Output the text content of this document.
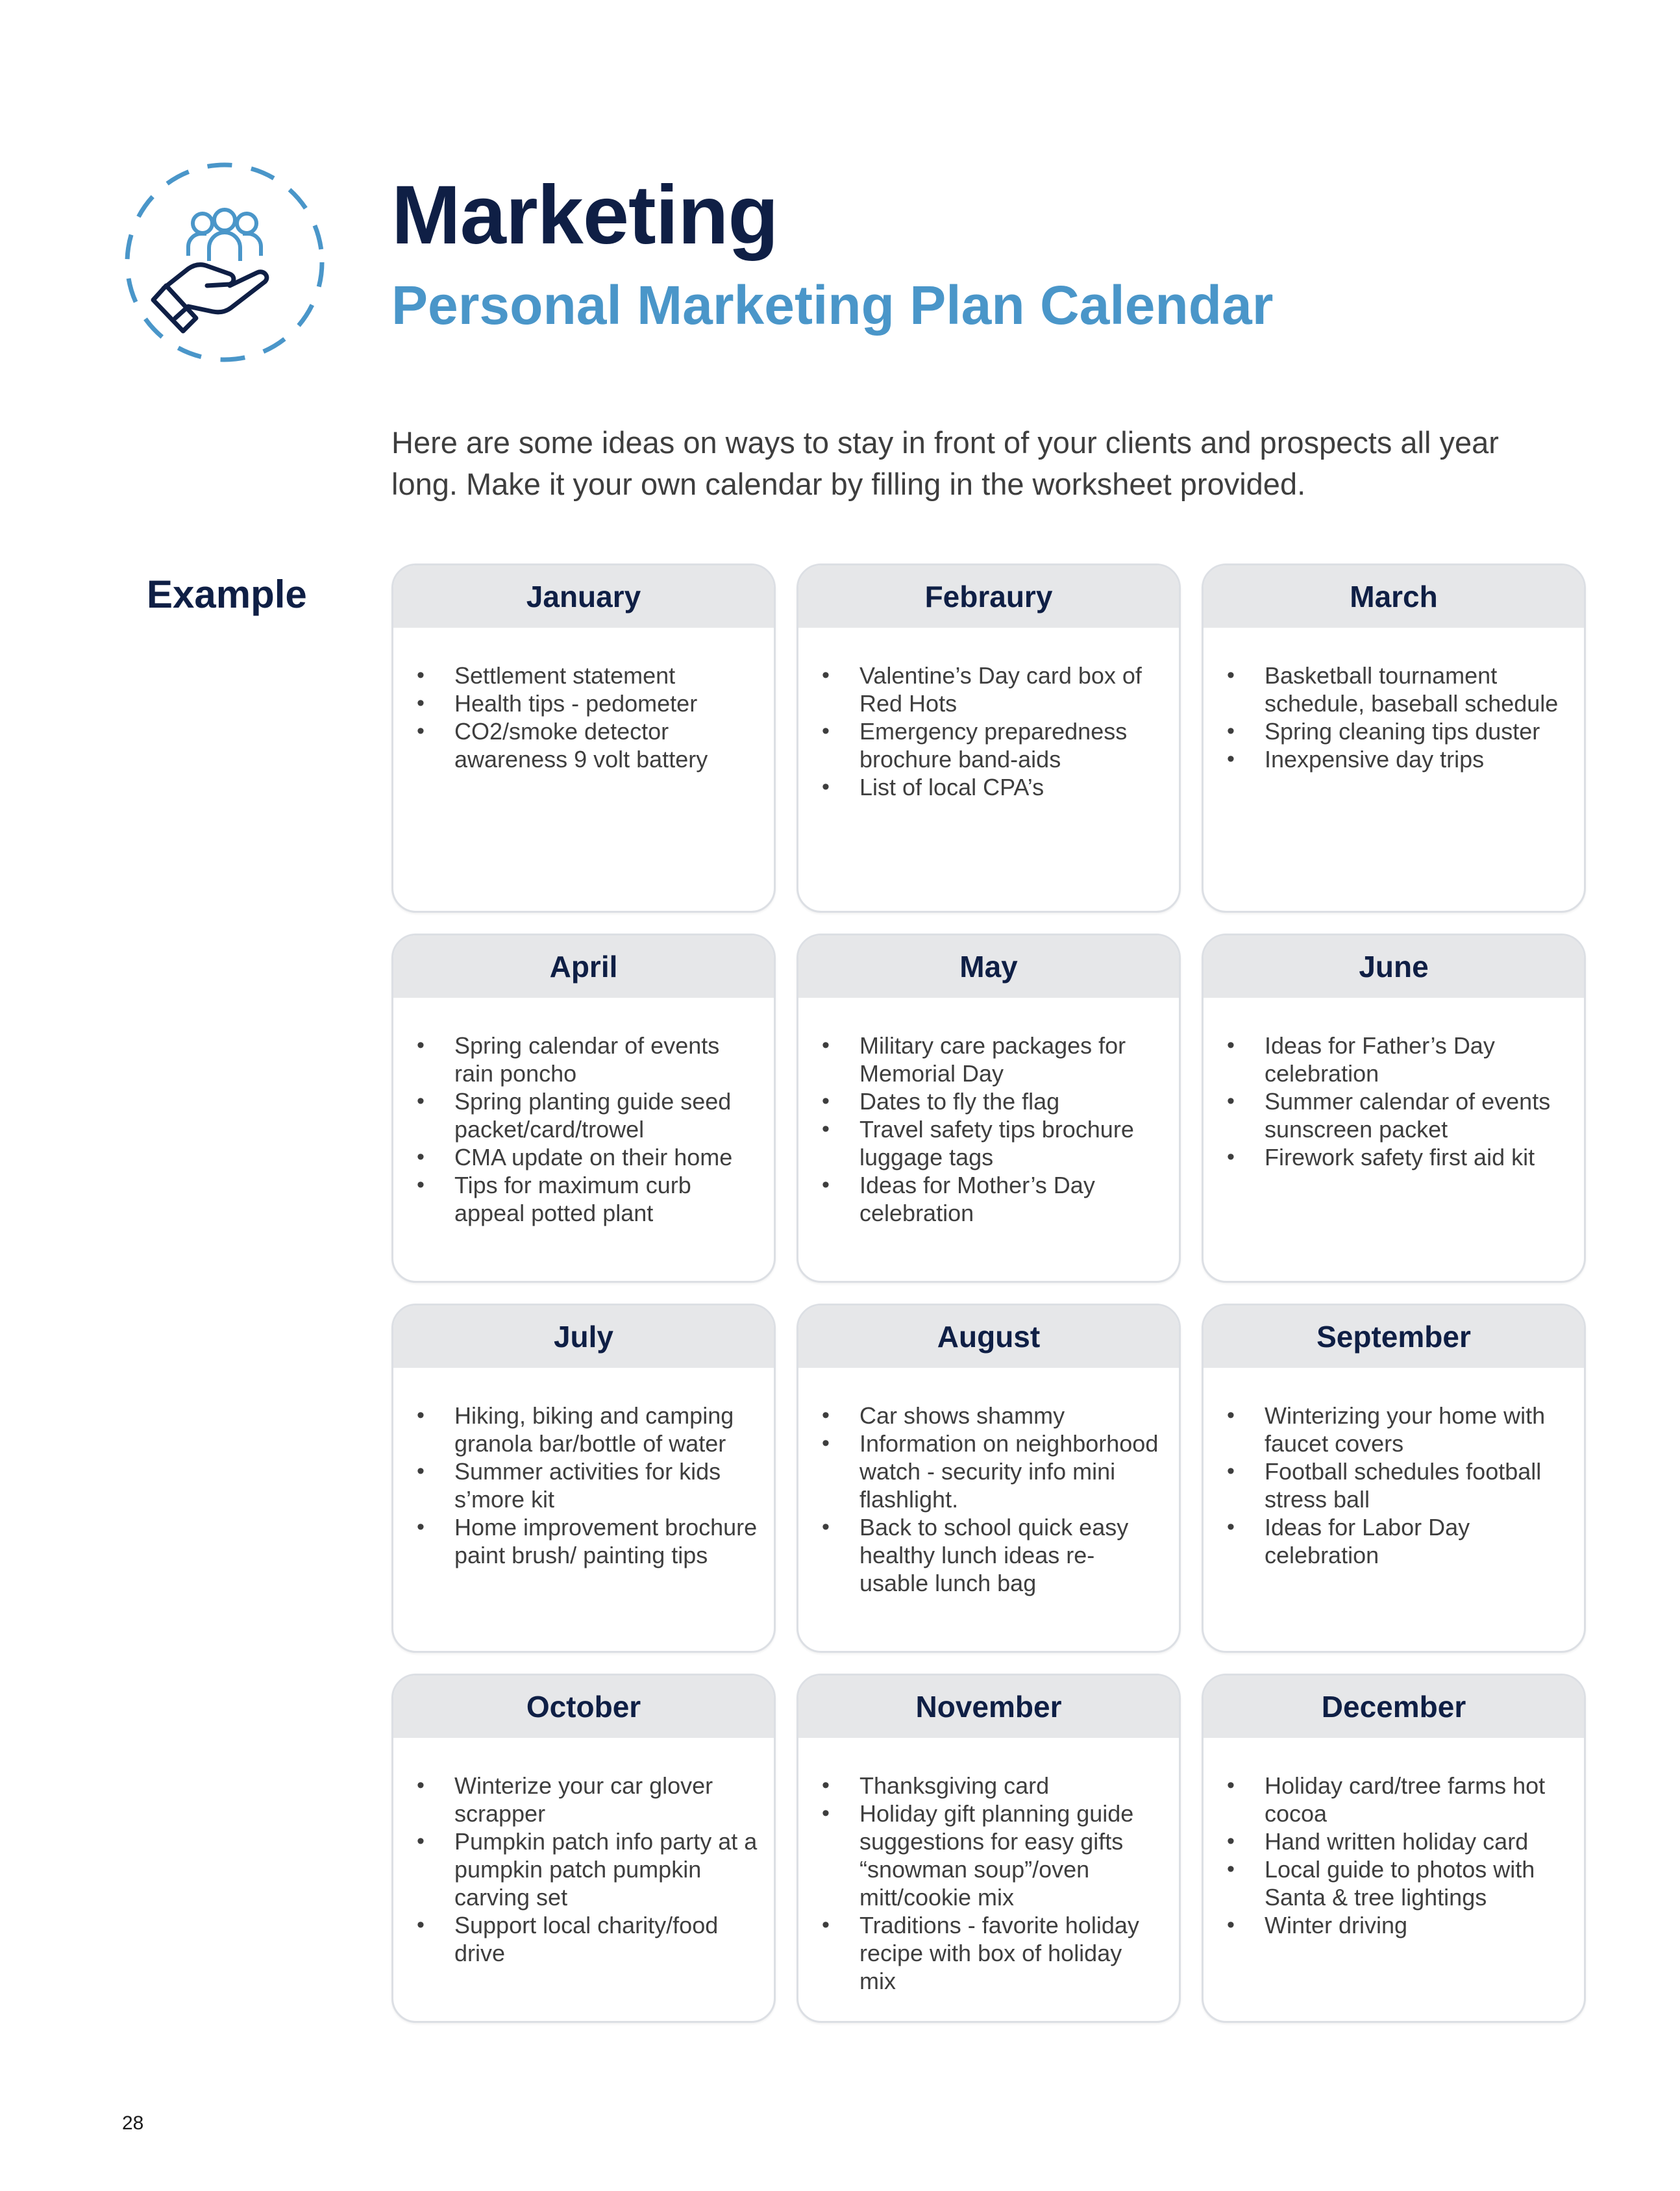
Marketing
Personal Marketing Plan Calendar

Here are some ideas on ways to stay in front of your clients and prospects all year long. Make it your own calendar by filling in the worksheet provided.

Example	January
• Settlement statement
• Health tips - pedometer
• CO2/smoke detector awareness 9 volt battery
Febraury
• Valentine’s Day card box of Red Hots
• Emergency preparedness brochure band-aids
• List of local CPA’s
March
• Basketball tournament schedule, baseball schedule
• Spring cleaning tips duster
• Inexpensive day trips
April
• Spring calendar of events rain poncho
• Spring planting guide seed packet/card/trowel
• CMA update on their home
• Tips for maximum curb appeal potted plant
May
• Military care packages for Memorial Day
• Dates to fly the flag
• Travel safety tips brochure luggage tags
• Ideas for Mother’s Day celebration
June
• Ideas for Father’s Day celebration
• Summer calendar of events sunscreen packet
• Firework safety first aid kit
July
• Hiking, biking and camping granola bar/bottle of water
• Summer activities for kids s’more kit
• Home improvement brochure paint brush/ painting tips
August
• Car shows shammy
• Information on neighborhood watch - security info mini flashlight.
• Back to school quick easy healthy lunch ideas re-usable lunch bag
September
• Winterizing your home with faucet covers
• Football schedules football stress ball
• Ideas for Labor Day celebration
October
• Winterize your car glover scrapper
• Pumpkin patch info party at a pumpkin patch pumpkin carving set
• Support local charity/food drive
November
• Thanksgiving card
• Holiday gift planning guide suggestions for easy gifts “snowman soup”/oven mitt/cookie mix
• Traditions - favorite holiday recipe with box of holiday mix
December
• Holiday card/tree farms hot cocoa
• Hand written holiday card
• Local guide to photos with Santa & tree lightings
• Winter driving

28
